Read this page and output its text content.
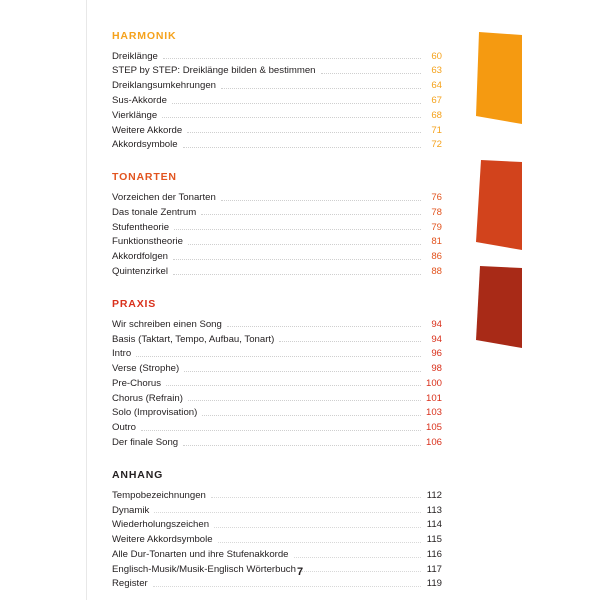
HARMONIK
Dreiklänge	60
STEP by STEP: Dreiklänge bilden & bestimmen	63
Dreiklangsumkehrungen	64
Sus-Akkorde	67
Vierklänge	68
Weitere Akkorde	71
Akkordsymbole	72
TONARTEN
Vorzeichen der Tonarten	76
Das tonale Zentrum	78
Stufentheorie	79
Funktionstheorie	81
Akkordfolgen	86
Quintenzirkel	88
PRAXIS
Wir schreiben einen Song	94
Basis (Taktart, Tempo, Aufbau, Tonart)	94
Intro	96
Verse (Strophe)	98
Pre-Chorus	100
Chorus (Refrain)	101
Solo (Improvisation)	103
Outro	105
Der finale Song	106
ANHANG
Tempobezeichnungen	112
Dynamik	113
Wiederholungszeichen	114
Weitere Akkordsymbole	115
Alle Dur-Tonarten und ihre Stufenakkorde	116
Englisch-Musik/Musik-Englisch Wörterbuch	117
Register	119
7
